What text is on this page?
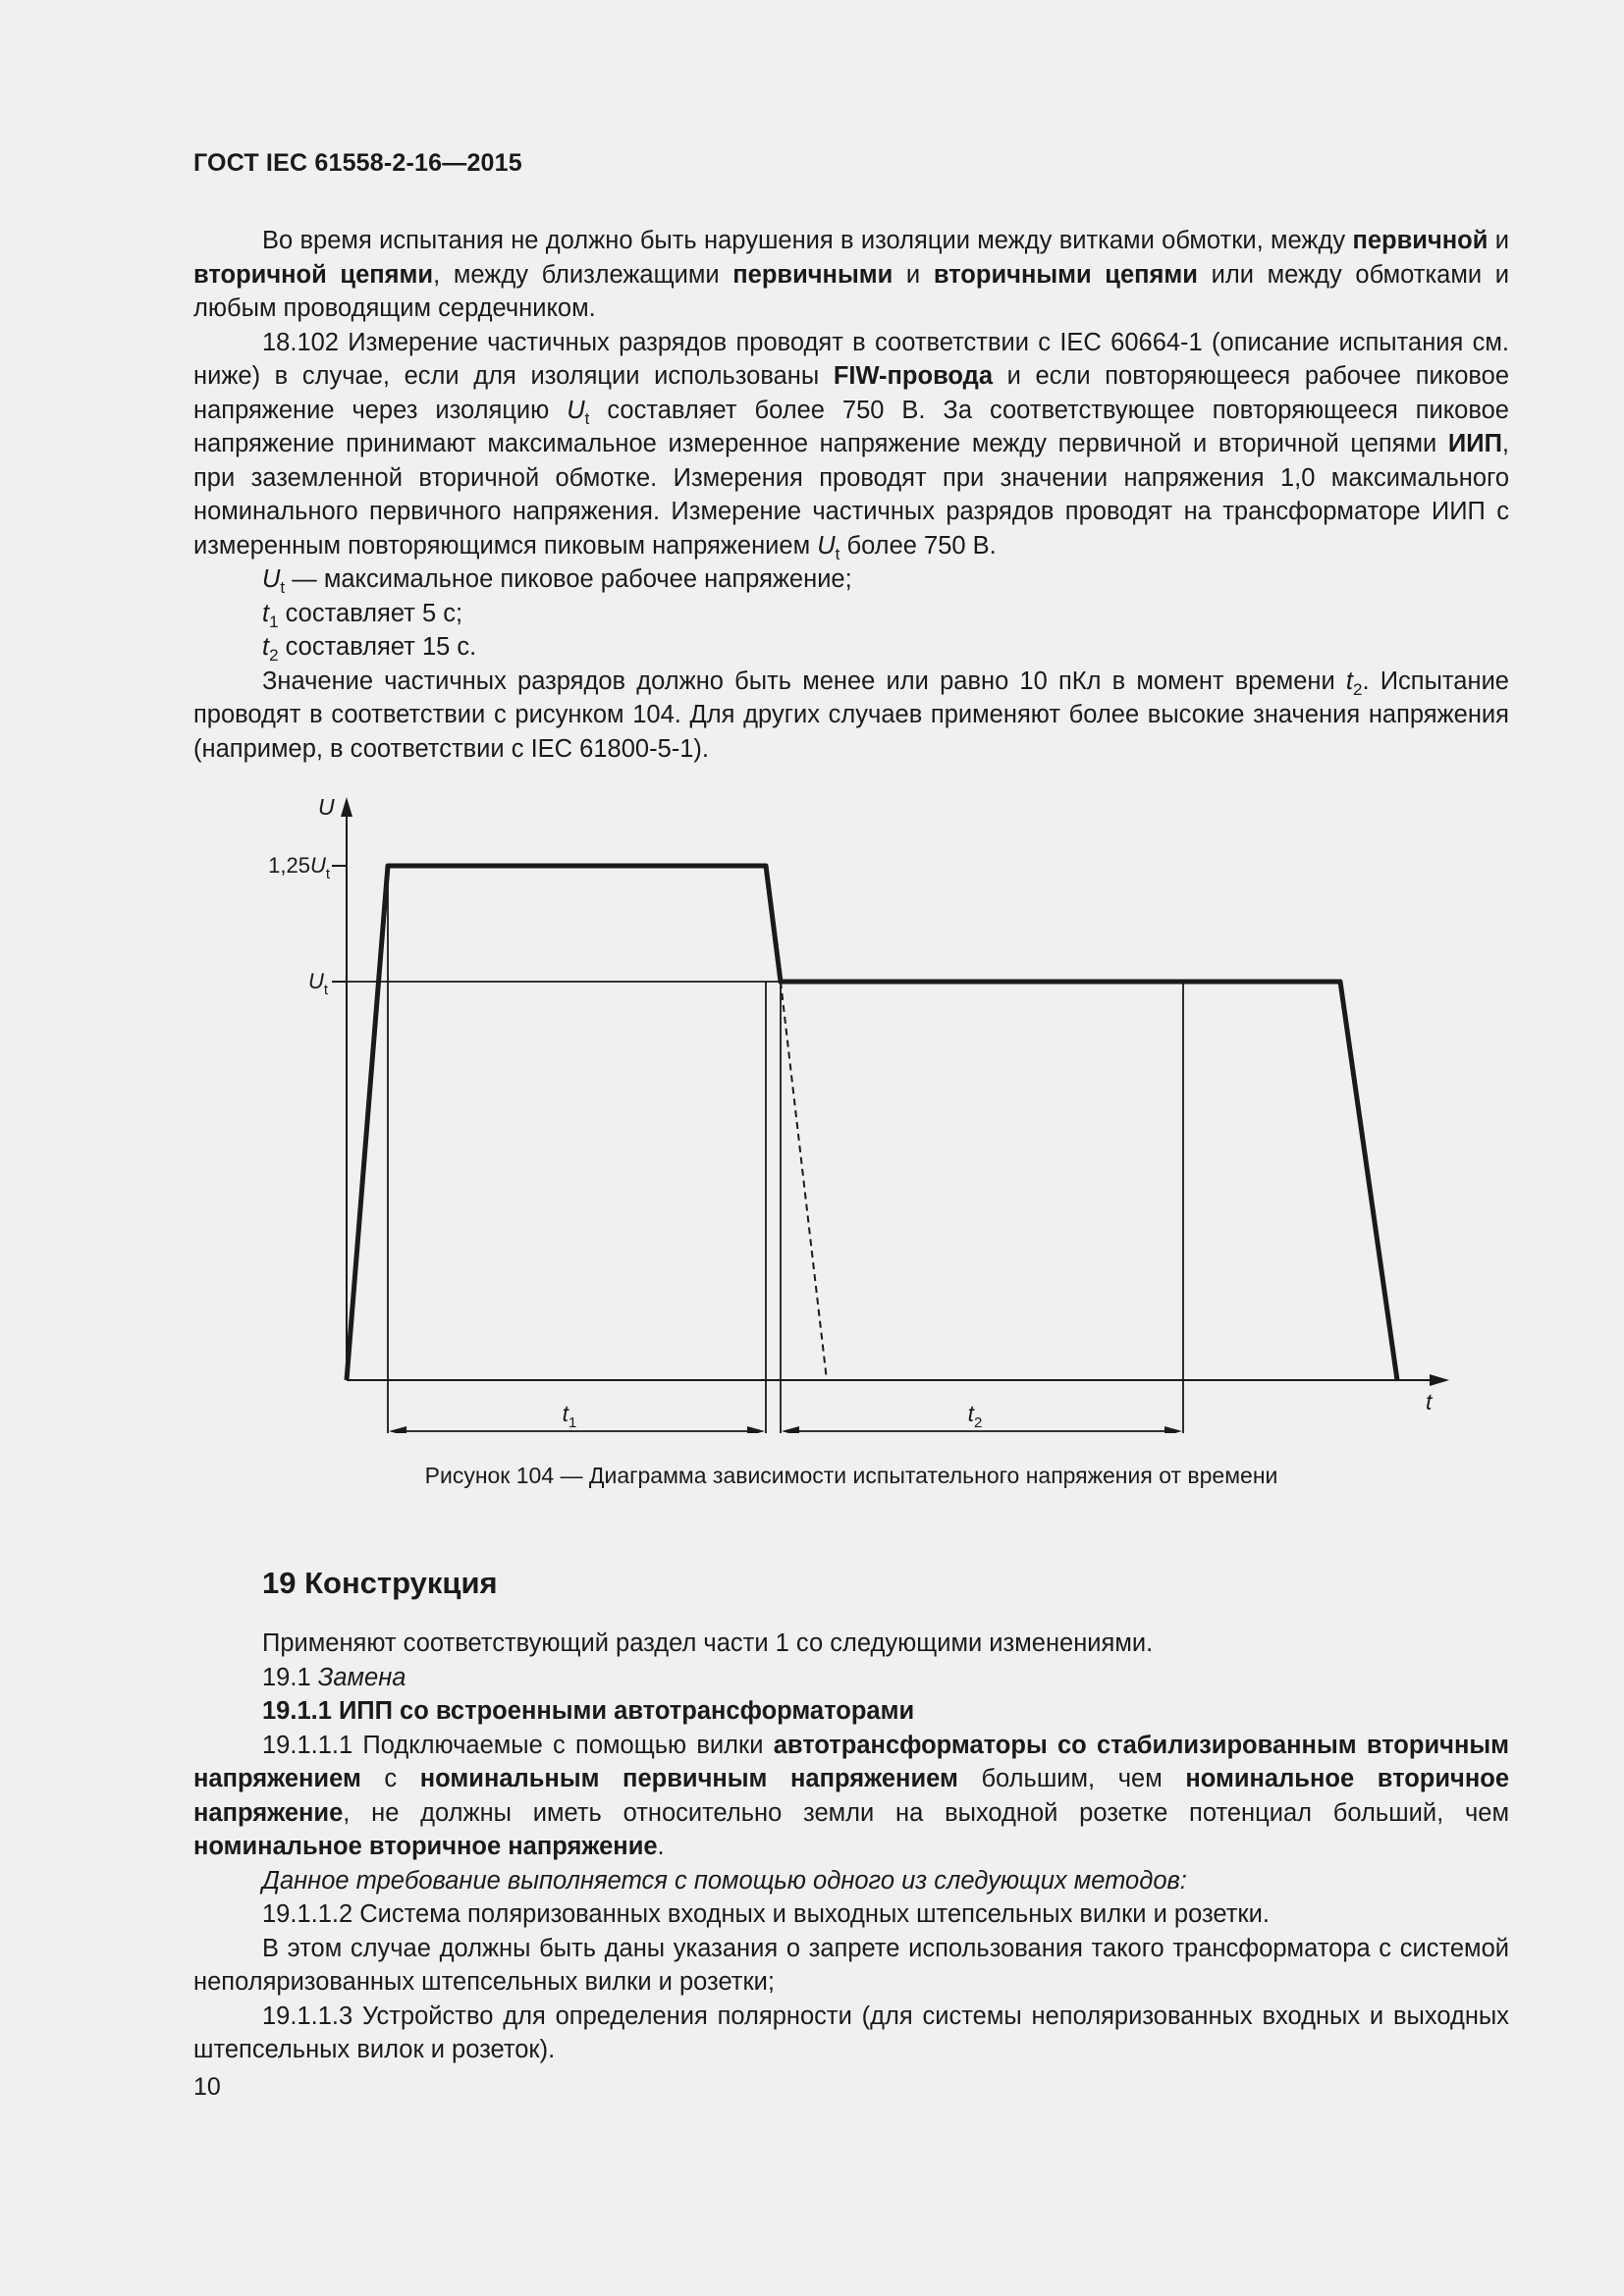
ГОСТ IEC 61558-2-16—2015

Во время испытания не должно быть нарушения в изоляции между витками обмотки, между первичной и вторичной цепями, между близлежащими первичными и вторичными цепями или между обмотками и любым проводящим сердечником.

18.102 Измерение частичных разрядов проводят в соответствии с IEC 60664-1 (описание испытания см. ниже) в случае, если для изоляции использованы FIW-провода и если повторяющееся рабочее пиковое напряжение через изоляцию $U_t$ составляет более 750 В. За соответствующее повторяющееся пиковое напряжение принимают максимальное измеренное напряжение между первичной и вторичной цепями ИИП, при заземленной вторичной обмотке. Измерения проводят при значении напряжения 1,0 максимального номинального первичного напряжения. Измерение частичных разрядов проводят на трансформаторе ИИП с измеренным повторяющимся пиковым напряжением $U_t$ более 750 В.

$U_t$ — максимальное пиковое рабочее напряжение;

$t_1$ составляет 5 с;

$t_2$ составляет 15 с.

Значение частичных разрядов должно быть менее или равно 10 пКл в момент времени $t_2$. Испытание проводят в соответствии с рисунком 104. Для других случаев применяют более высокие значения напряжения (например, в соответствии с IEC 61800-5-1).

U
t
$1,25U_t$
$U_t$
$t_1$	$t_2$
Рисунок 104 — Диаграмма зависимости испытательного напряжения от времени
19 Конструкция

Применяют соответствующий раздел части 1 со следующими изменениями.

19.1 Замена

19.1.1 ИПП со встроенными автотрансформаторами

19.1.1.1 Подключаемые с помощью вилки автотрансформаторы со стабилизированным вторичным напряжением с номинальным первичным напряжением большим, чем номинальное вторичное напряжение, не должны иметь относительно земли на выходной розетке потенциал больший, чем номинальное вторичное напряжение.

Данное требование выполняется с помощью одного из следующих методов:

19.1.1.2 Система поляризованных входных и выходных штепсельных вилки и розетки.

В этом случае должны быть даны указания о запрете использования такого трансформатора с системой неполяризованных штепсельных вилки и розетки;

19.1.1.3 Устройство для определения полярности (для системы неполяризованных входных и выходных штепсельных вилок и розеток).

10
